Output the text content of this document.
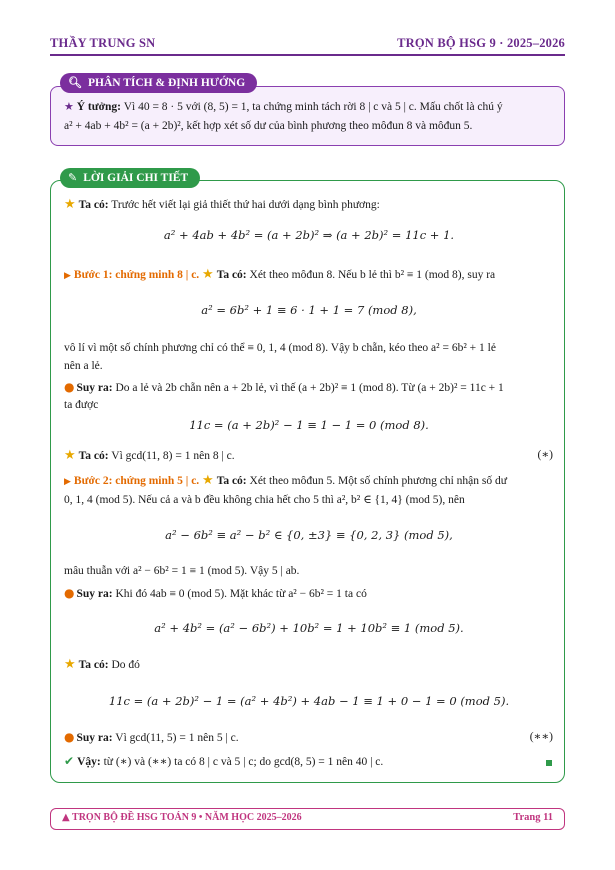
THẦY TRUNG SN	TRỌN BỘ HSG 9 · 2025–2026
🔍︎ PHÂN TÍCH & ĐỊNH HƯỚNG
★ Ý tưởng: Vì 40 = 8 · 5 với (8, 5) = 1, ta chứng minh tách rời 8 | c và 5 | c. Mấu chốt là chú ý
a² + 4ab + 4b² = (a + 2b)², kết hợp xét số dư của bình phương theo môđun 8 và môđun 5.
✎ LỜI GIẢI CHI TIẾT
★ Ta có: Trước hết viết lại giả thiết thứ hai dưới dạng bình phương:
a² + 4ab + 4b² = (a + 2b)² ⇒ (a + 2b)² = 11c + 1.
▶ Bước 1: chứng minh 8 | c. ★ Ta có: Xét theo môđun 8. Nếu b lẻ thì b² ≡ 1 (mod 8), suy ra
a² = 6b² + 1 ≡ 6 · 1 + 1 = 7 (mod 8),
vô lí vì một số chính phương chỉ có thể ≡ 0, 1, 4 (mod 8). Vậy b chẵn, kéo theo a² = 6b² + 1 lẻ
nên a lẻ.
● Suy ra: Do a lẻ và 2b chẵn nên a + 2b lẻ, vì thế (a + 2b)² ≡ 1 (mod 8). Từ (a + 2b)² = 11c + 1
ta được
11c = (a + 2b)² − 1 ≡ 1 − 1 = 0 (mod 8).
★ Ta có: Vì gcd(11, 8) = 1 nên 8 | c.	(∗)
▶ Bước 2: chứng minh 5 | c. ★ Ta có: Xét theo môđun 5. Một số chính phương chỉ nhận số dư
0, 1, 4 (mod 5). Nếu cả a và b đều không chia hết cho 5 thì a², b² ∈ {1, 4} (mod 5), nên
a² − 6b² ≡ a² − b² ∈ {0, ±3} ≡ {0, 2, 3} (mod 5),
mâu thuẫn với a² − 6b² = 1 ≡ 1 (mod 5). Vậy 5 | ab.
● Suy ra: Khi đó 4ab ≡ 0 (mod 5). Mặt khác từ a² − 6b² = 1 ta có
a² + 4b² = (a² − 6b²) + 10b² = 1 + 10b² ≡ 1 (mod 5).
★ Ta có: Do đó
11c = (a + 2b)² − 1 = (a² + 4b²) + 4ab − 1 ≡ 1 + 0 − 1 = 0 (mod 5).
● Suy ra: Vì gcd(11, 5) = 1 nên 5 | c.	(∗∗)
✔ Vậy: từ (∗) và (∗∗) ta có 8 | c và 5 | c; do gcd(8, 5) = 1 nên 40 | c.
▲ TRỌN BỘ ĐỀ HSG TOÁN 9 • NĂM HỌC 2025–2026	Trang 11
